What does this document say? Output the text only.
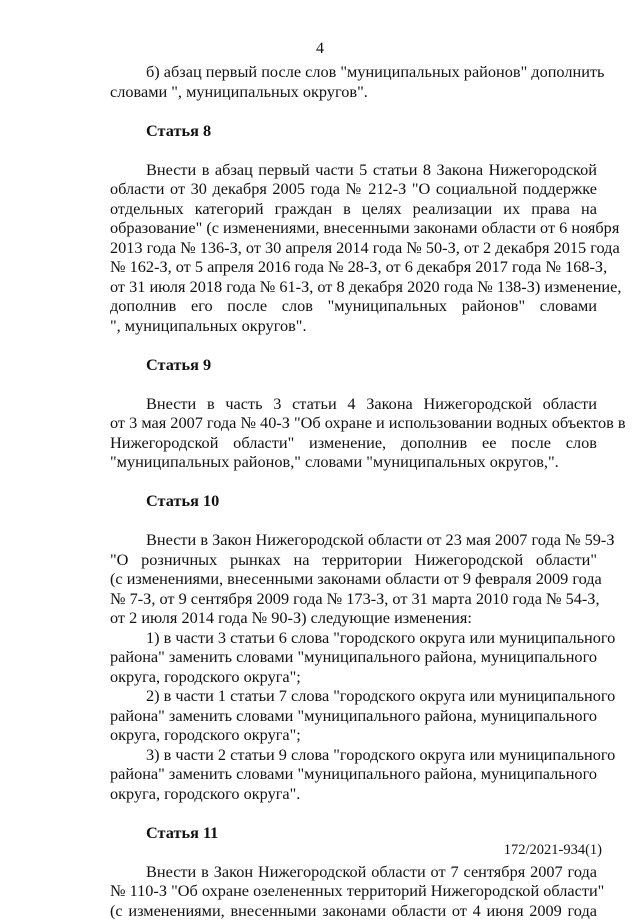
4
б) абзац первый после слов "муниципальных районов" дополнить
словами ", муниципальных округов".
Статья 8
Внести в абзац первый части 5 статьи 8 Закона Нижегородской
области от 30 декабря 2005 года № 212-З "О социальной поддержке
отдельных категорий граждан в целях реализации их права на
образование" (с изменениями, внесенными законами области от 6 ноября
2013 года № 136-З, от 30 апреля 2014 года № 50-З, от 2 декабря 2015 года
№ 162-З, от 5 апреля 2016 года № 28-З, от 6 декабря 2017 года № 168-З,
от 31 июля 2018 года № 61-З, от 8 декабря 2020 года № 138-З) изменение,
дополнив его после слов "муниципальных районов" словами
", муниципальных округов".
Статья 9
Внести в часть 3 статьи 4 Закона Нижегородской области
от 3 мая 2007 года № 40-З "Об охране и использовании водных объектов в
Нижегородской области" изменение, дополнив ее после слов
"муниципальных районов," словами "муниципальных округов,".
Статья 10
Внести в Закон Нижегородской области от 23 мая 2007 года № 59-З
"О розничных рынках на территории Нижегородской области"
(с изменениями, внесенными законами области от 9 февраля 2009 года
№ 7-З, от 9 сентября 2009 года № 173-З, от 31 марта 2010 года № 54-З,
от 2 июля 2014 года № 90-З) следующие изменения:
1) в части 3 статьи 6 слова "городского округа или муниципального
района" заменить словами "муниципального района, муниципального
округа, городского округа";
2) в части 1 статьи 7 слова "городского округа или муниципального
района" заменить словами "муниципального района, муниципального
округа, городского округа";
3) в части 2 статьи 9 слова "городского округа или муниципального
района" заменить словами "муниципального района, муниципального
округа, городского округа".
Статья 11
Внести в Закон Нижегородской области от 7 сентября 2007 года
№ 110-З "Об охране озелененных территорий Нижегородской области"
(с изменениями, внесенными законами области от 4 июня 2009 года
172/2021-934(1)
